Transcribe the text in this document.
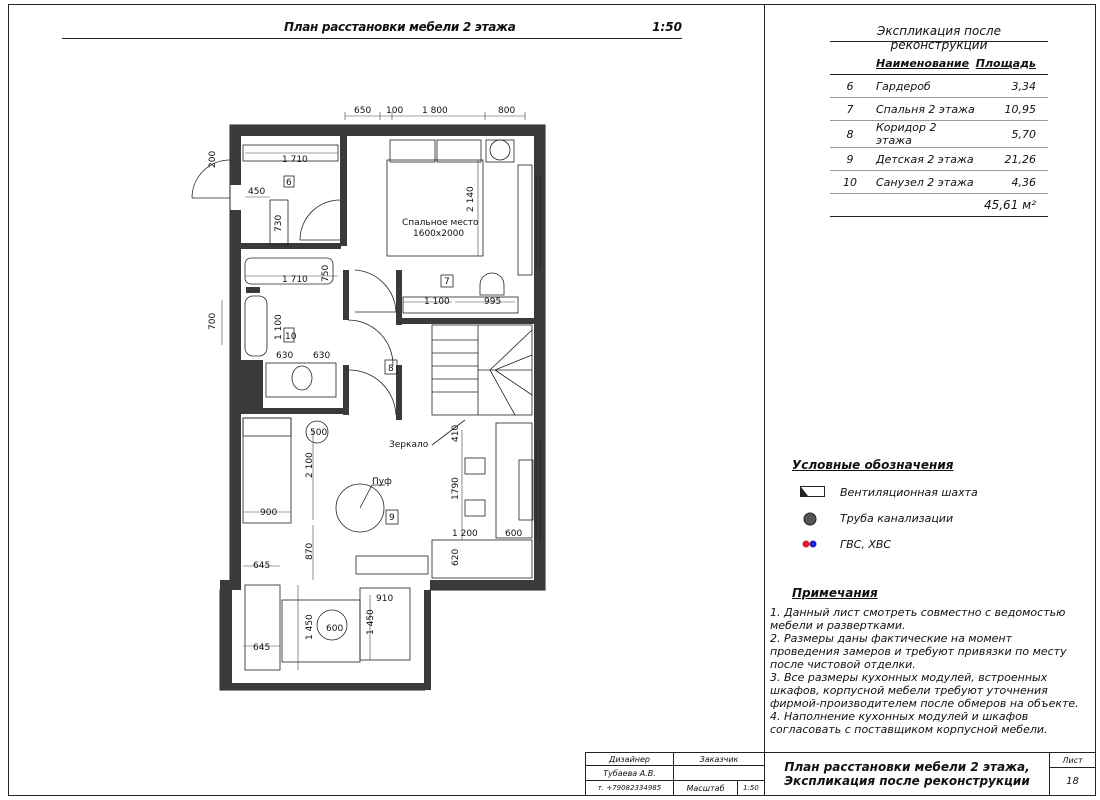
План расстановки мебели 2 этажа	1:50
650 100 1 800	800
200	1 710
6
450
730
1 710 750
700	1 100 10
630 630
Спальное место
1600х2000
2 140
7
1 100	995
8
410
Зеркало
500
2 100
Пуф
9
900
1790
1 200	600
620
870
645
910
1 450 600	1 450
645
Экспликация после реконструкции
	Наименование	Площадь
6	Гардероб	3,34
7	Спальня 2 этажа	10,95
8	Коридор 2 этажа	5,70
9	Детская 2 этажа	21,26
10	Санузел 2 этажа	4,36
		45,61 м²
Условные обозначения
Вентиляционная шахта
Труба канализации
ГВС, ХВС
Примечания
1. Данный лист смотреть совместно с ведомостью мебели и развертками.
2. Размеры даны фактические на момент проведения замеров и требуют привязки по месту после чистовой отделки.
3. Все размеры кухонных модулей, встроенных шкафов, корпусной мебели требуют уточнения фирмой-производителем после обмеров на объекте.
4. Наполнение кухонных модулей и шкафов согласовать с поставщиком корпусной мебели.
Дизайнер	Заказчик
Тубаева А.В.
т. +79082334985	Масштаб	1:50
План расстановки мебели 2 этажа, Экспликация после реконструкции
Лист
18
